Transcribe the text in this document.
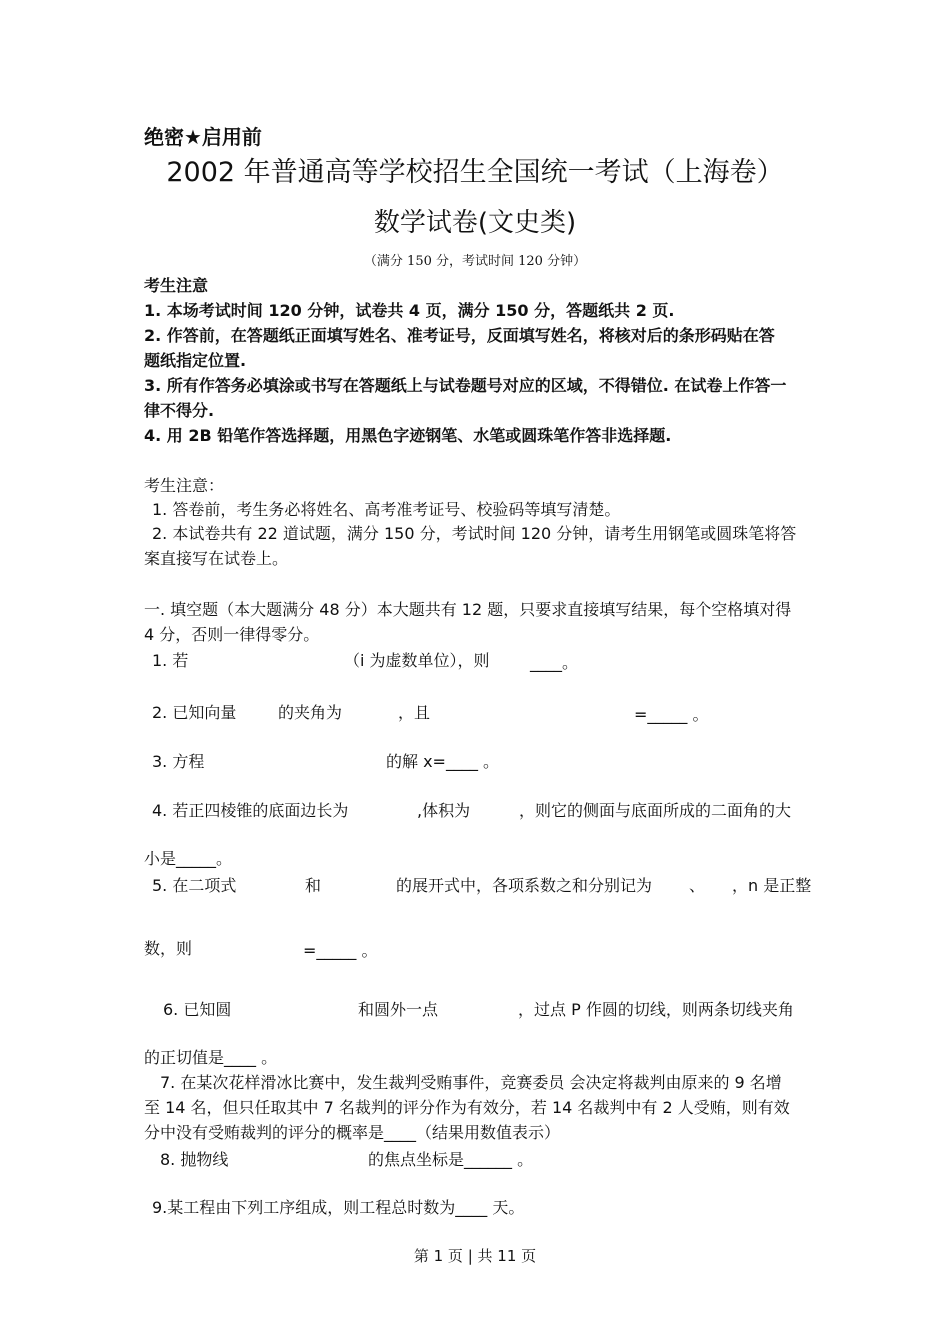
绝密★启用前
2002 年普通高等学校招生全国统一考试（上海卷）
数学试卷(文史类)
（满分 150 分，考试时间 120 分钟）
考生注意
1. 本场考试时间 120 分钟，试卷共 4 页，满分 150 分，答题纸共 2 页.
2. 作答前，在答题纸正面填写姓名、准考证号，反面填写姓名，将核对后的条形码贴在答
题纸指定位置.
3. 所有作答务必填涂或书写在答题纸上与试卷题号对应的区域，不得错位. 在试卷上作答一
律不得分.
4. 用 2B 铅笔作答选择题，用黑色字迹钢笔、水笔或圆珠笔作答非选择题.
考生注意：
1. 答卷前，考生务必将姓名、高考准考证号、校验码等填写清楚。
2. 本试卷共有 22 道试题，满分 150 分，考试时间 120 分钟，请考生用钢笔或圆珠笔将答
案直接写在试卷上。
一. 填空题（本大题满分 48 分）本大题共有 12 题，只要求直接填写结果，每个空格填对得
4 分，否则一律得零分。
1. 若	（i 为虚数单位），则	____。
2. 已知向量	的夹角为	，且	=_____ 。
3. 方程	的解 x=____ 。
4. 若正四棱锥的底面边长为	,体积为	，则它的侧面与底面所成的二面角的大
小是_____。
5. 在二项式	和	的展开式中，各项系数之和分别记为 、 ，n 是正整
数，则	=_____ 。
6. 已知圆	和圆外一点	，过点 P 作圆的切线，则两条切线夹角
的正切值是____ 。
7. 在某次花样滑冰比赛中，发生裁判受贿事件，竞赛委员 会决定将裁判由原来的 9 名增
至 14 名，但只任取其中 7 名裁判的评分作为有效分，若 14 名裁判中有 2 人受贿，则有效
分中没有受贿裁判的评分的概率是____（结果用数值表示）
8. 抛物线	的焦点坐标是______ 。
9.某工程由下列工序组成，则工程总时数为____ 天。
第 1 页 | 共 11 页
